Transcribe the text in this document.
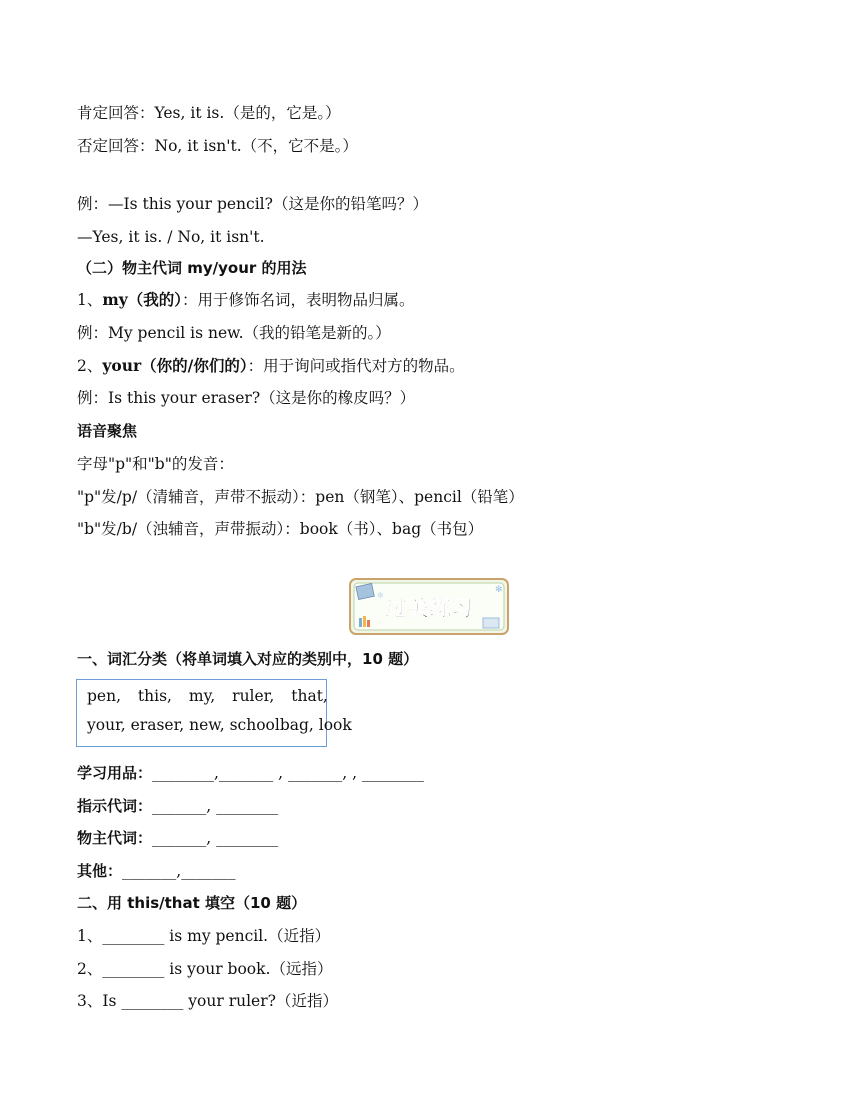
肯定回答：Yes, it is.（是的，它是。）
否定回答：No, it isn't.（不，它不是。）
例：—Is this your pencil?（这是你的铅笔吗？）
—Yes, it is. / No, it isn't.
（二）物主代词 my/your 的用法
1、my（我的）：用于修饰名词，表明物品归属。
例：My pencil is new.（我的铅笔是新的。）
2、your（你的/你们的）：用于询问或指代对方的物品。
例：Is this your eraser?（这是你的橡皮吗？）
语音聚焦
字母"p"和"b"的发音：
"p"发/p/（清辅音，声带不振动）：pen（钢笔）、pencil（铅笔）
"b"发/b/（浊辅音，声带振动）：book（书）、bag（书包）
✻
✻
过关练习
一、词汇分类（将单词填入对应的类别中，10 题）
pen, this, my, ruler, that,
your, eraser, new, schoolbag, look
学习用品：________,_______ , _______, , ________
指示代词：_______, ________
物主代词：_______, ________
其他：_______,_______
二、用 this/that 填空（10 题）
1、________ is my pencil.（近指）
2、________ is your book.（远指）
3、Is ________ your ruler?（近指）
